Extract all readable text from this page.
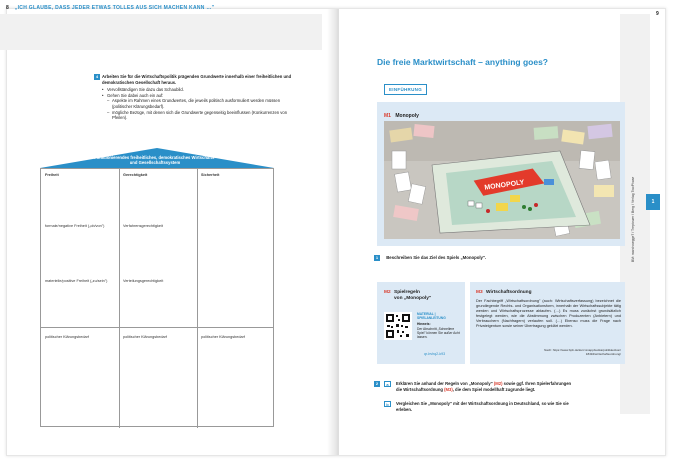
8 „ICH GLAUBE, DASS JEDER ETWAS TOLLES AUS SICH MACHEN KANN …"
9
4 Arbeiten Sie für die Wirtschaftspolitik prägenden Grundwerte innerhalb einer freiheitlichen und demokratischen Gesellschaft heraus.
• Vervollständigen Sie dazu das Schaubild.
• Gehen Sie dabei auch ein auf:
– Aspekte im Rahmen eines Grundwertes, die jeweils politisch ausformuliert werden müssen (politischer Klärungsbedarf).
– mögliche Bezüge, mit denen sich die Grundwerte gegenseitig beeinflussen (Konkurrenzen von Pfeilen).
Funktionierendes freiheitliches, demokratisches Wirtschafts- und Gesellschaftssystem
Freiheit	Gerechtigkeit	Sicherheit
formale/negative Freiheit („ob/von")	Verfahrensgerechtigkeit
materielle/positive Freiheit („zu/sein")	Verteilungsgerechtigkeit
politischer Klärungsbedarf	politischer Klärungsbedarf	politischer Klärungsbedarf
Die freie Marktwirtschaft – anything goes?
EINFÜHRUNG
M1 Monopoly
MONOPOLY	BM: marchwegge7 / Treptower / Berg / Verlag TwoPhase	1
1 Beschreiben Sie das Ziel des Spiels „Monopoly".
M2 Spielregeln
von „Monopoly"
MATERIAL | SPIELANLEITUNG
Hinweis:
Der Abschnitt „Schnellere Spiel" können Sie außer Acht lassen.
qr-bvhq2-k93
M3 Wirtschaftsordnung
Der Fachbegriff „Wirtschaftsordnung" (auch: Wirtschaftsverfassung) bezeichnet die grundlegende Rechts- und Organisationsform, innerhalb der Wirtschaftssubjekte tätig werden und Wirtschaftsprozesse ablaufen. (…) Es muss zunächst grundsätzlich festgelegt werden, wie die Abstimmung zwischen Produzenten (Anbietern) und Verbrauchern (Nachfragern) verlaufen soll. (…) Ebenso muss die Frage nach Privateigentum sowie seiner Übertragung geklärt werden.
Nach: https://www.bpb.de/kurz-knapp/lexika/politiklexikon/ 18494/wirtschaftsordnung/
2	a	Erklären Sie anhand der Regeln von „Monopoly" (M2) sowie ggf. Ihren Spielerfahrungen die Wirtschaftsordnung (M3), die dem Spiel modellhaft zugrunde liegt.
b	Vergleichen Sie „Monopoly" mit der Wirtschaftsordnung in Deutschland, so wie Sie sie erleben.
